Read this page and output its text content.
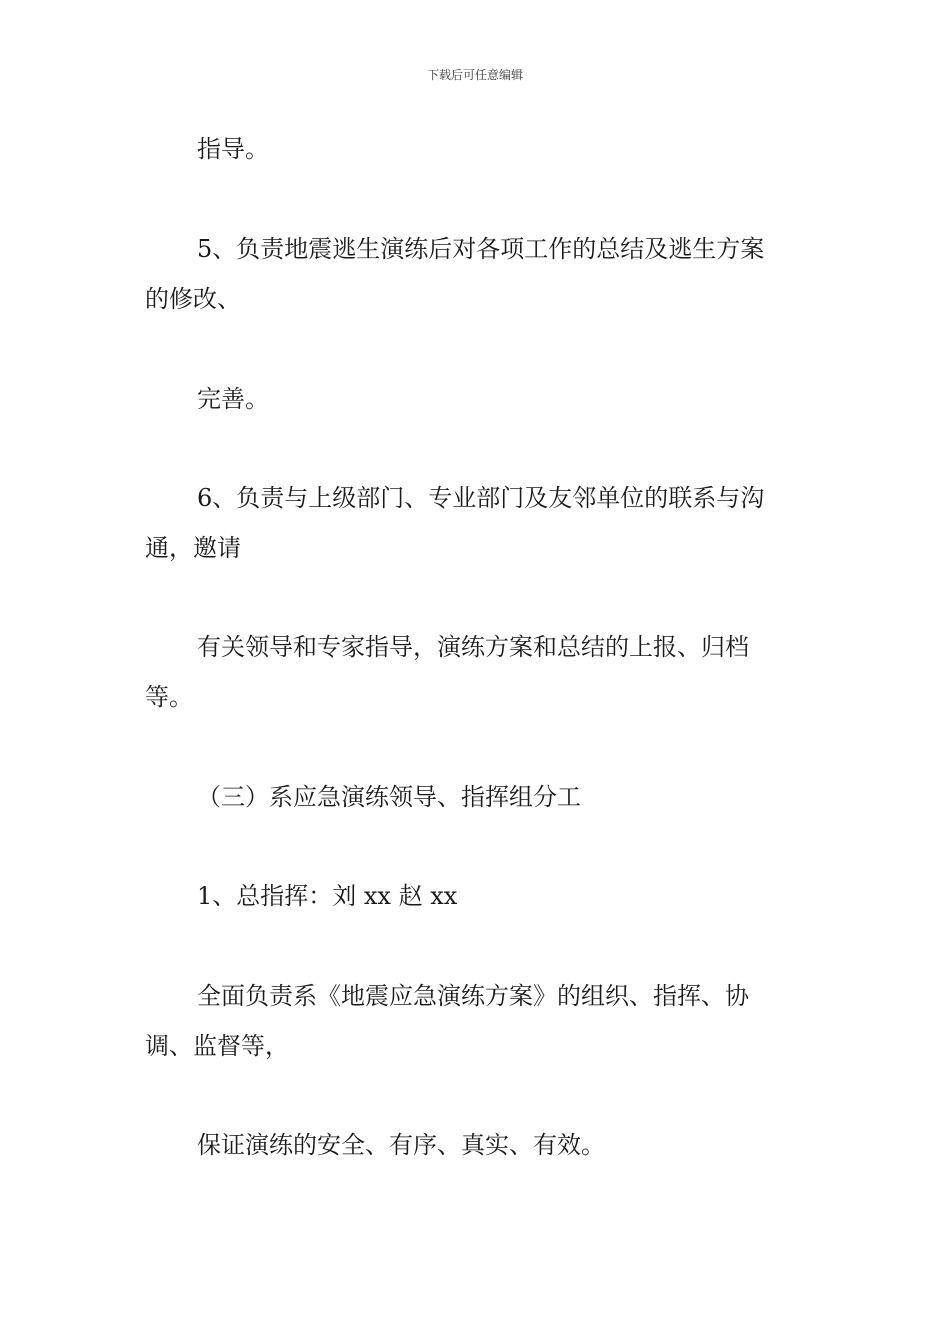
下载后可任意编辑
指导。
5、负责地震逃生演练后对各项工作的总结及逃生方案
的修改、
完善。
6、负责与上级部门、专业部门及友邻单位的联系与沟
通，邀请
有关领导和专家指导，演练方案和总结的上报、归档
等。
（三）系应急演练领导、指挥组分工
1、总指挥：刘 xx 赵 xx
全面负责系《地震应急演练方案》的组织、指挥、协
调、监督等，
保证演练的安全、有序、真实、有效。
